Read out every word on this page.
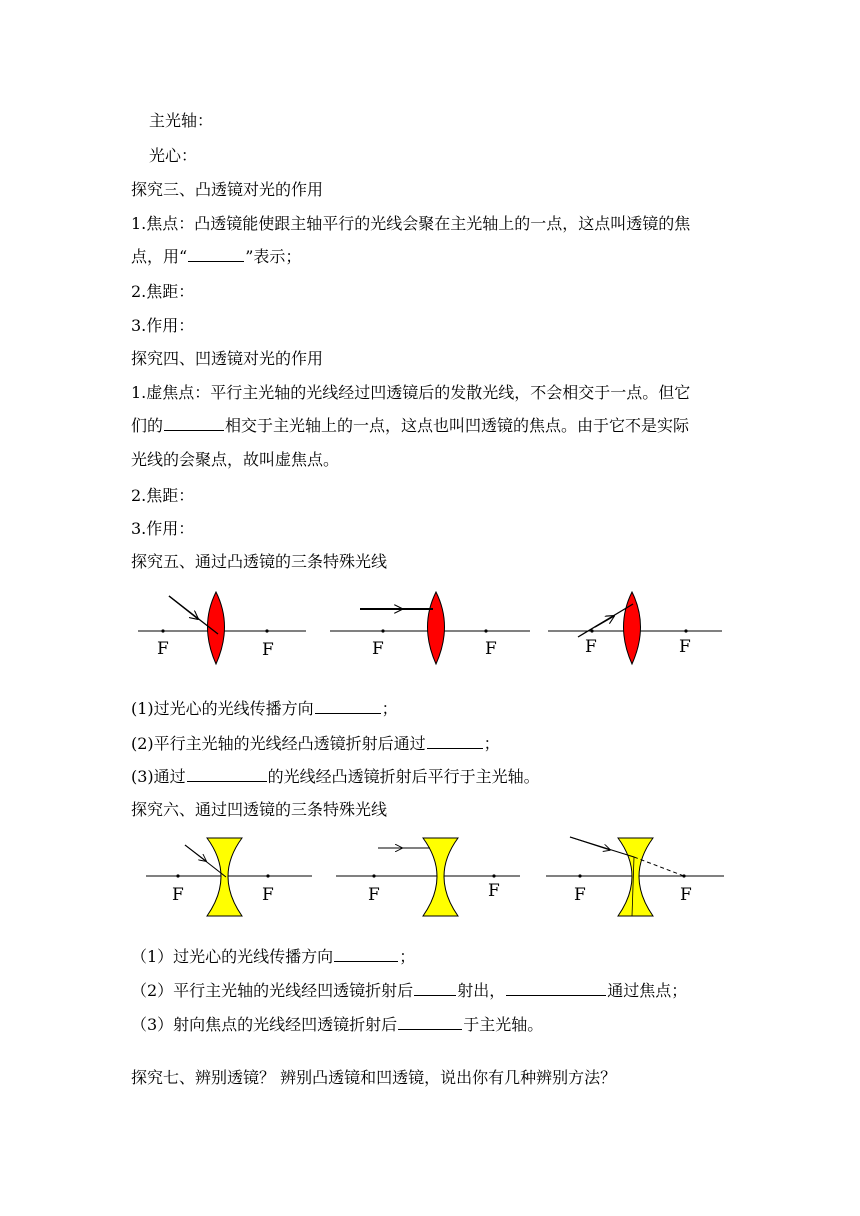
主光轴：
光心：
探究三、凸透镜对光的作用
1.焦点：凸透镜能使跟主轴平行的光线会聚在主光轴上的一点，这点叫透镜的焦
点，用“	”表示；
2.焦距：
3.作用：
探究四、凹透镜对光的作用
1.虚焦点：平行主光轴的光线经过凹透镜后的发散光线，不会相交于一点。但它
们的	相交于主光轴上的一点，这点也叫凹透镜的焦点。由于它不是实际
光线的会聚点，故叫虚焦点。
2.焦距：
3.作用：
探究五、通过凸透镜的三条特殊光线
F	F	F	F	F	F
(1)过光心的光线传播方向	；
(2)平行主光轴的光线经凸透镜折射后通过	；
(3)通过	的光线经凸透镜折射后平行于主光轴。
探究六、通过凹透镜的三条特殊光线
F	F	F	F	F	F
（1）过光心的光线传播方向	；
（2）平行主光轴的光线经凹透镜折射后	射出，	通过焦点；
（3）射向焦点的光线经凹透镜折射后	于主光轴。
探究七、辨别透镜？ 辨别凸透镜和凹透镜，说出你有几种辨别方法？
